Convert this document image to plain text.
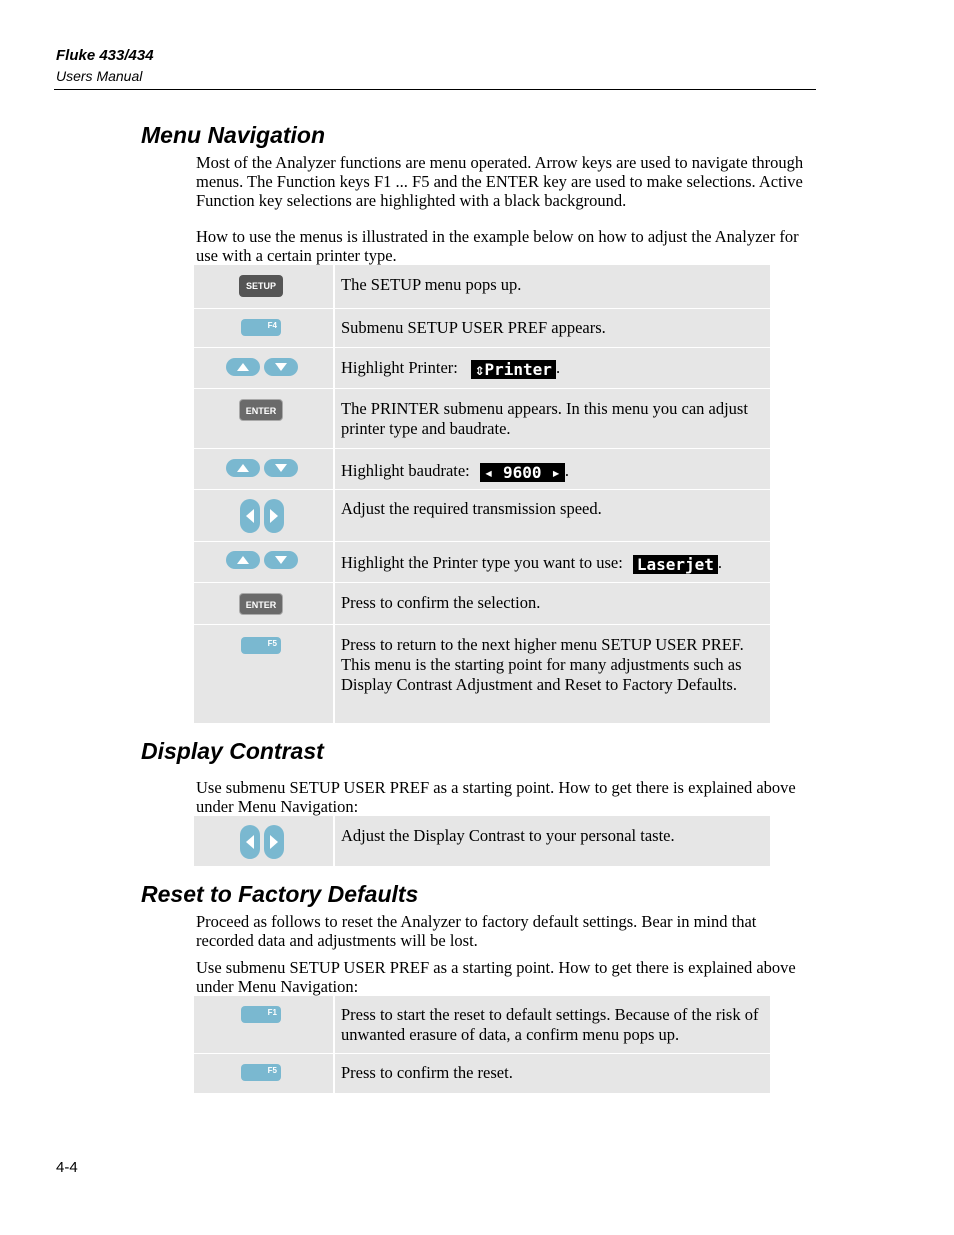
Fluke 433/434
Users Manual
Menu Navigation

Most of the Analyzer functions are menu operated. Arrow keys are used to navigate through menus. The Function keys F1 ... F5 and the ENTER key are used to make selections. Active Function key selections are highlighted with a black background.

How to use the menus is illustrated in the example below on how to adjust the Analyzer for use with a certain printer type.

SETUP	The SETUP menu pops up.
F4	Submenu SETUP USER PREF appears.
Highlight Printer: ⇕Printer .
ENTER	The PRINTER submenu appears. In this menu you can adjust printer type and baudrate.
Highlight baudrate: ◂ 9600 ▸ .
Adjust the required transmission speed.
Highlight the Printer type you want to use: Laserjet .
ENTER	Press to confirm the selection.
F5	Press to return to the next higher menu SETUP USER PREF. This menu is the starting point for many adjustments such as Display Contrast Adjustment and Reset to Factory Defaults.
Display Contrast

Use submenu SETUP USER PREF as a starting point. How to get there is explained above under Menu Navigation:

Adjust the Display Contrast to your personal taste.
Reset to Factory Defaults

Proceed as follows to reset the Analyzer to factory default settings. Bear in mind that recorded data and adjustments will be lost.

Use submenu SETUP USER PREF as a starting point. How to get there is explained above under Menu Navigation:

F1	Press to start the reset to default settings. Because of the risk of unwanted erasure of data, a confirm menu pops up.
F5	Press to confirm the reset.
4-4
